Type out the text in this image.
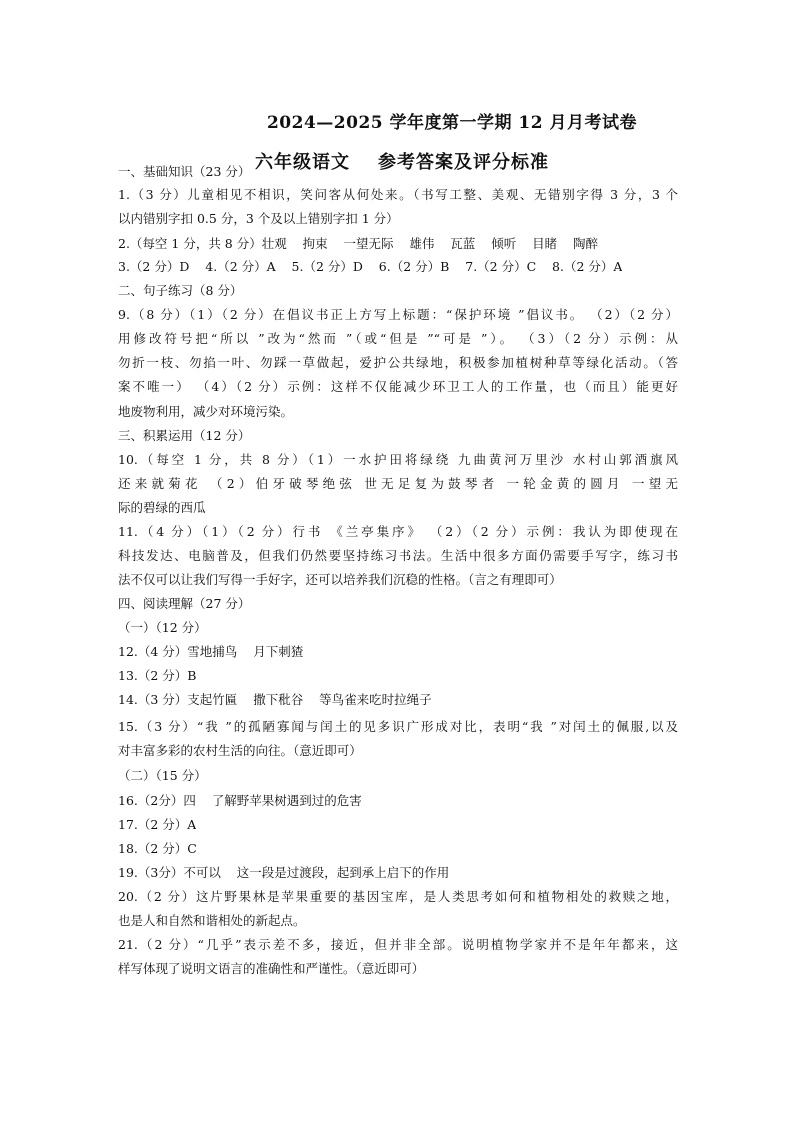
2024—2025 学年度第一学期 12 月月考试卷
六年级语文 参考答案及评分标准
一、基础知识（23 分）
1.（3 分）儿童相见不相识，笑问客从何处来。（书写工整、美观、无错别字得 3 分，3 个
以内错别字扣 0.5 分，3 个及以上错别字扣 1 分）
2.（每空 1 分，共 8 分）壮观    拘束    一望无际    雄伟    瓦蓝    倾听    目睹    陶醉
3.（2 分）D    4.（2 分）A    5.（2 分）D    6.（2 分）B    7.（2 分）C    8.（2 分）A
二、句子练习（8 分）
9.（8 分）（1）（2 分）在倡议书正上方写上标题：“保护环境 ”倡议书。 （2）（2 分）
用修改符号把“所以 ”改为“然而 ”（或“但是 ”“可是 ”）。 （3）（2 分）示例：从
勿折一枝、勿掐一叶、勿踩一草做起，爱护公共绿地，积极参加植树种草等绿化活动。（答
案不唯一） （4）（2 分）示例：这样不仅能减少环卫工人的工作量，也（而且）能更好
地废物利用，减少对环境污染。
三、积累运用（12 分）
10.（每空 1 分，共 8 分）（1）一水护田将绿绕 九曲黄河万里沙 水村山郭酒旗风
还来就菊花 （2）伯牙破琴绝弦 世无足复为鼓琴者 一轮金黄的圆月 一望无
际的碧绿的西瓜
11.（4 分）（1）（2 分）行书 《兰亭集序》 （2）（2 分）示例：我认为即使现在
科技发达、电脑普及，但我们仍然要坚持练习书法。生活中很多方面仍需要手写字，练习书
法不仅可以让我们写得一手好字，还可以培养我们沉稳的性格。（言之有理即可）
四、阅读理解（27 分）
（一）（12 分）
12.（4 分）雪地捕鸟    月下刺猹
13.（2 分）B
14.（3 分）支起竹匾    撒下秕谷    等鸟雀来吃时拉绳子
15.（3 分）“我 ”的孤陋寡闻与闰土的见多识广形成对比，表明“我 ”对闰土的佩服,以及
对丰富多彩的农村生活的向往。（意近即可）
（二）（15 分）
16.（2分）四    了解野苹果树遇到过的危害
17.（2 分）A
18.（2 分）C
19.（3分）不可以    这一段是过渡段，起到承上启下的作用
20.（2 分）这片野果林是苹果重要的基因宝库，是人类思考如何和植物相处的救赎之地，
也是人和自然和谐相处的新起点。
21.（2 分）“几乎”表示差不多，接近，但并非全部。说明植物学家并不是年年都来，这
样写体现了说明文语言的准确性和严谨性。（意近即可）
